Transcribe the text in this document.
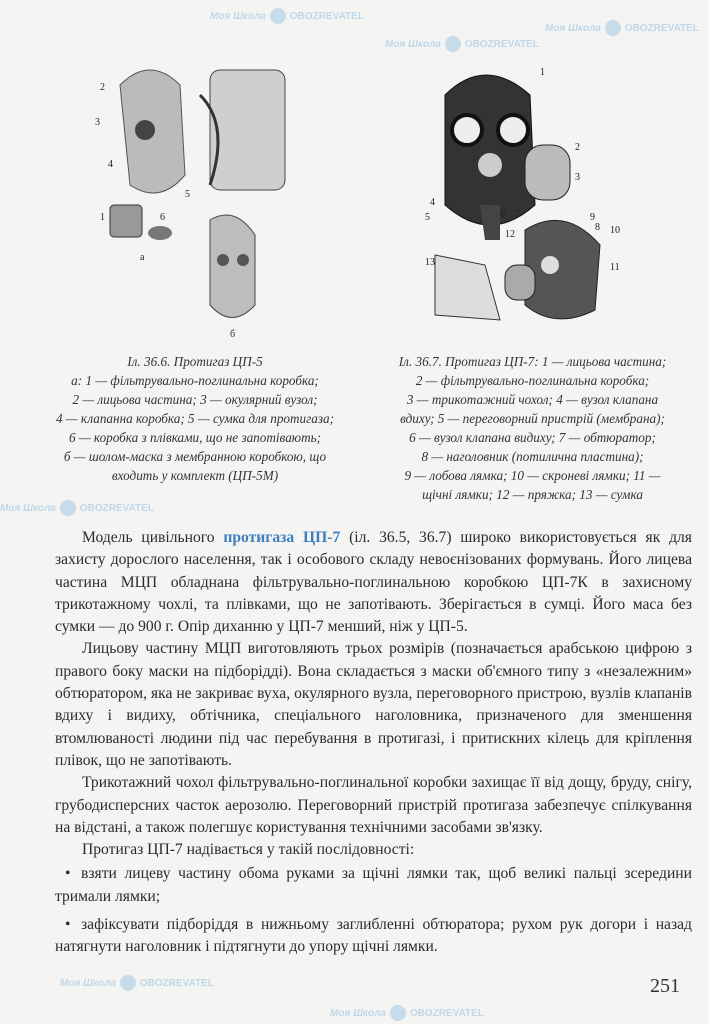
Моя Школа OBOZREVATEL
Моя Школа OBOZREVATEL
Моя Школа OBOZREVATEL
Моя Школа OBOZREVATEL
Моя Школа OBOZREVATEL
Моя Школа OBOZREVATEL
2
3
4
5
1	6
а
б
Іл. 36.6. Протигаз ЦП-5
а: 1 — фільтрувально-поглинальна коробка;
2 — лицьова частина; 3 — окулярний вузол;
4 — клапанна коробка; 5 — сумка для протигаза;
6 — коробка з плівками, що не запотівають;
б — шолом-маска з мембранною коробкою, що
входить у комплект (ЦП-5М)
1
2
3
4
5	6 7
8
9
10
11
12
13
Іл. 36.7. Протигаз ЦП-7: 1 — лицьова частина;
2 — фільтрувально-поглинальна коробка;
3 — трикотажний чохол; 4 — вузол клапана
вдиху; 5 — переговорний пристрій (мембрана);
6 — вузол клапана видиху; 7 — обтюратор;
8 — наголовник (потилична пластина);
9 — лобова лямка; 10 — скроневі лямки; 11 —
щічні лямки; 12 — пряжка; 13 — сумка

Модель цивільного протигаза ЦП-7 (іл. 36.5, 36.7) широко використовується як для захисту дорослого населення, так і особового складу невоєнізованих формувань. Його лицева частина МЦП обладнана фільтрувально-поглинальною коробкою ЦП-7К в захисному трикотажному чохлі, та плівками, що не запотівають. Зберігається в сумці. Його маса без сумки — до 900 г. Опір диханню у ЦП-7 менший, ніж у ЦП-5.

Лицьову частину МЦП виготовляють трьох розмірів (позначається арабською цифрою з правого боку маски на підборідді). Вона складається з маски об'ємного типу з «незалежним» обтюратором, яка не закриває вуха, окулярного вузла, переговорного пристрою, вузлів клапанів вдиху і видиху, обтічника, спеціального наголовника, призначеного для зменшення втомлюваності людини під час перебування в протигазі, і притискних кілець для кріплення плівок, що не запотівають.

Трикотажний чохол фільтрувально-поглинальної коробки захищає її від дощу, бруду, снігу, грубодисперсних часток аерозолю. Переговорний пристрій протигаза забезпечує спілкування на відстані, а також полегшує користування технічними засобами зв'язку.

Протигаз ЦП-7 надівається у такій послідовності:

• взяти лицеву частину обома руками за щічні лямки так, щоб великі пальці зсередини тримали лямки;

• зафіксувати підборіддя в нижньому заглибленні обтюратора; рухом рук догори і назад натягнути наголовник і підтягнути до упору щічні лямки.

251
